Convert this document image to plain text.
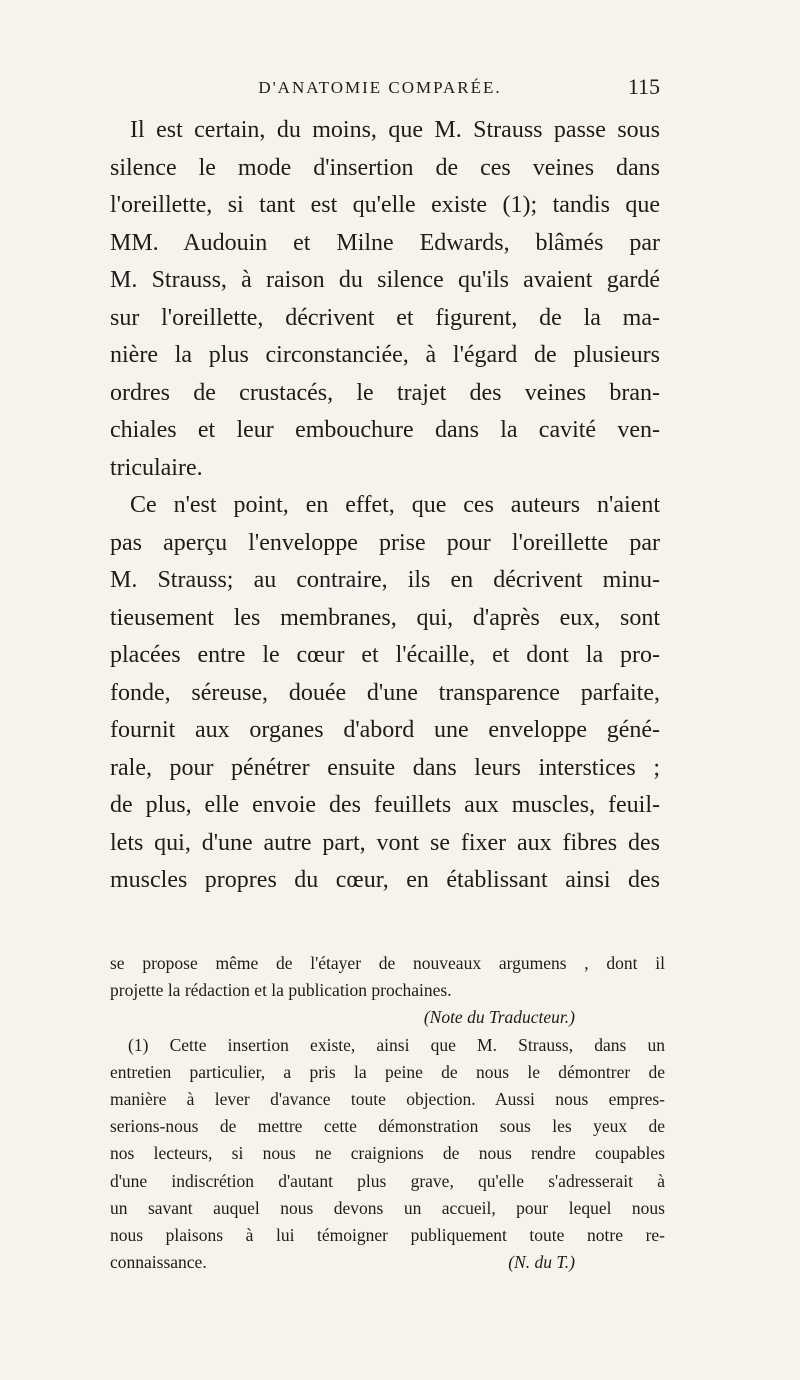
D'ANATOMIE COMPARÉE.	115
Il est certain, du moins, que M. Strauss passe sous
silence le mode d'insertion de ces veines dans
l'oreillette, si tant est qu'elle existe (1); tandis que
MM. Audouin et Milne Edwards, blâmés par
M. Strauss, à raison du silence qu'ils avaient gardé
sur l'oreillette, décrivent et figurent, de la ma-
nière la plus circonstanciée, à l'égard de plusieurs
ordres de crustacés, le trajet des veines bran-
chiales et leur embouchure dans la cavité ven-
triculaire.
Ce n'est point, en effet, que ces auteurs n'aient
pas aperçu l'enveloppe prise pour l'oreillette par
M. Strauss; au contraire, ils en décrivent minu-
tieusement les membranes, qui, d'après eux, sont
placées entre le cœur et l'écaille, et dont la pro-
fonde, séreuse, douée d'une transparence parfaite,
fournit aux organes d'abord une enveloppe géné-
rale, pour pénétrer ensuite dans leurs interstices ;
de plus, elle envoie des feuillets aux muscles, feuil-
lets qui, d'une autre part, vont se fixer aux fibres des
muscles propres du cœur, en établissant ainsi des
se propose même de l'étayer de nouveaux argumens , dont il
projette la rédaction et la publication prochaines.
(Note du Traducteur.)
(1) Cette insertion existe, ainsi que M. Strauss, dans un
entretien particulier, a pris la peine de nous le démontrer de
manière à lever d'avance toute objection. Aussi nous empres-
serions-nous de mettre cette démonstration sous les yeux de
nos lecteurs, si nous ne craignions de nous rendre coupables
d'une indiscrétion d'autant plus grave, qu'elle s'adresserait à
un savant auquel nous devons un accueil, pour lequel nous
nous plaisons à lui témoigner publiquement toute notre re-
connaissance.	(N. du T.)
